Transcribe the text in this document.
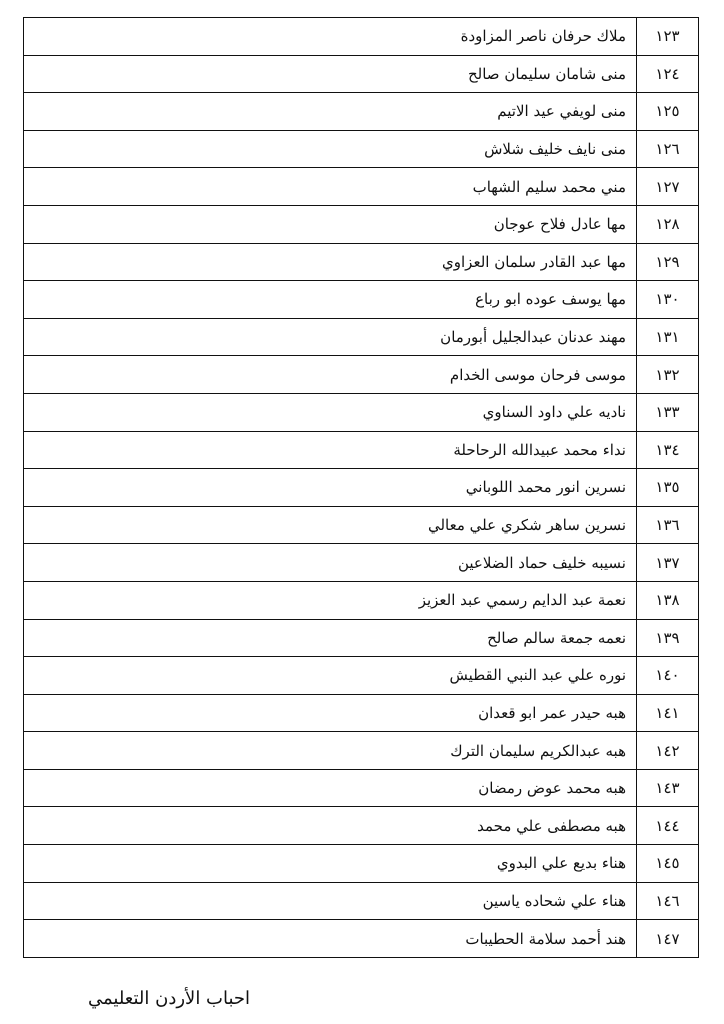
١٢٣	ملاك حرفان ناصر المزاودة
١٢٤	منى شامان سليمان صالح
١٢٥	منى لويفي عيد الاتيم
١٢٦	منى نايف خليف شلاش
١٢٧	مني محمد سليم الشهاب
١٢٨	مها عادل فلاح عوجان
١٢٩	مها عبد القادر سلمان العزاوي
١٣٠	مها يوسف عوده ابو رباع
١٣١	مهند عدنان عبدالجليل أبورمان
١٣٢	موسى فرحان موسى الخدام
١٣٣	ناديه علي داود السناوي
١٣٤	نداء محمد عبيدالله الرحاحلة
١٣٥	نسرين انور محمد اللوباني
١٣٦	نسرين ساهر شكري علي معالي
١٣٧	نسيبه خليف حماد الضلاعين
١٣٨	نعمة عبد الدايم رسمي عبد العزيز
١٣٩	نعمه جمعة سالم صالح
١٤٠	نوره علي عبد النبي القطيش
١٤١	هبه حيدر عمر ابو قعدان
١٤٢	هبه عبدالكريم سليمان الترك
١٤٣	هبه محمد عوض رمضان
١٤٤	هبه مصطفى علي محمد
١٤٥	هناء بديع علي البدوي
١٤٦	هناء علي شحاده ياسين
١٤٧	هند أحمد سلامة الحطيبات
احباب الأردن التعليمي
